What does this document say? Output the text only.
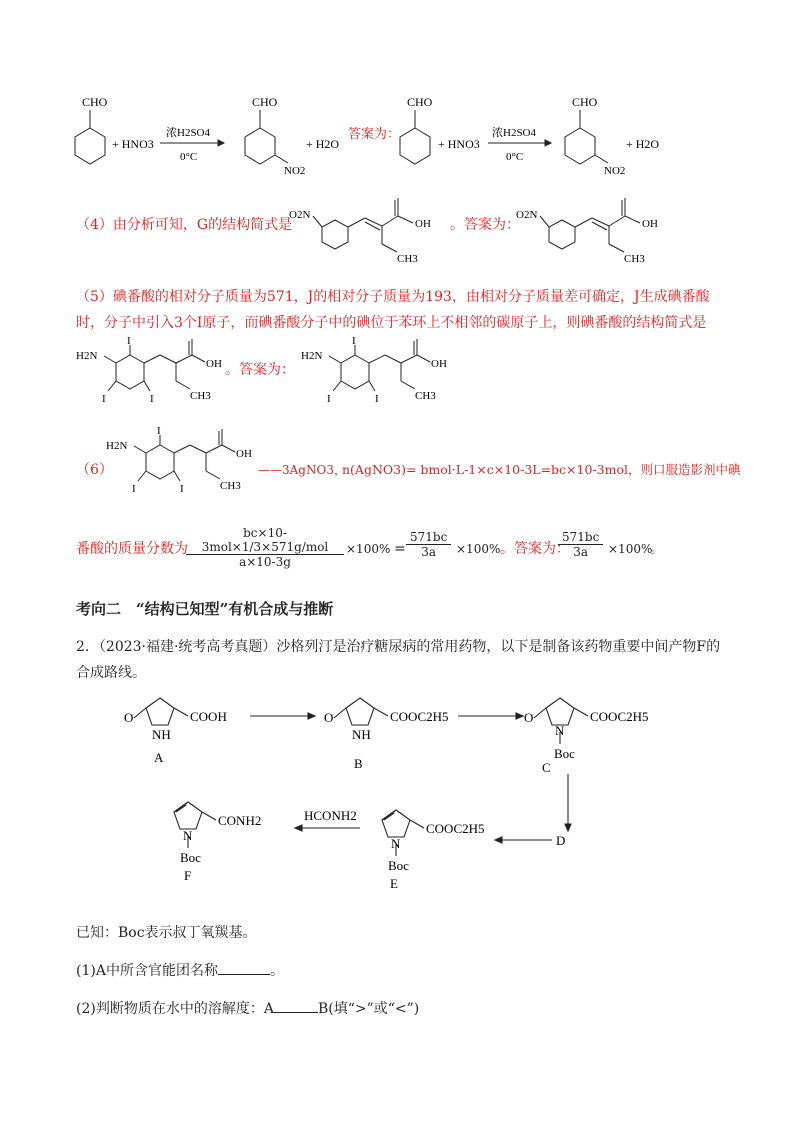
CHO
+ HNO3
浓H2SO4
0°C
CHO
NO2
+ H2O
答案为：
CHO
+ HNO3
浓H2SO4
0°C
CHO
NO2
+ H2O
（4）由分析可知，G的结构简式是	。答案为：
O2N
OH
CH3
O2N
OH
CH3
（5）碘番酸的相对分子质量为571，J的相对分子质量为193，由相对分子质量差可确定，J生成碘番酸
时，分子中引入3个I原子，而碘番酸分子中的碘位于苯环上不相邻的碳原子上，则碘番酸的结构简式是
H2N
I
I	I
OH
CH3
。答案为：
H2N
I
I	I
OH
CH3
（6）
H2N
I
I	I
OH
CH3
——3AgNO3，
n(AgNO3)= bmol·L-1×c×10-3L=bc×10-3mol，则口服造影剂中碘
番酸的质量分数为
bc×10-3mol×1/3×571g/mol
a×10-3g
$\times 100\% = \frac{571bc}{3a} \times 100\%$ 。答案为：
$\frac{571bc}{3a} \times 100\%$
。
考向二　“结构已知型”有机合成与推断
2．（2023·福建·统考高考真题）沙格列汀是治疗糖尿病的常用药物，以下是制备该药物重要中间产物F的
合成路线。
O
NH
COOH
A
O
NH
COOC2H5
B
O
N
COOC2H5
Boc
C
D
N
COOC2H5
Boc
E
HCONH2
N
CONH2
Boc
F
已知：Boc表示叔丁氧羰基。
(1)A中所含官能团名称	。
(2)判断物质在水中的溶解度：A	B(填“>”或“<”)
